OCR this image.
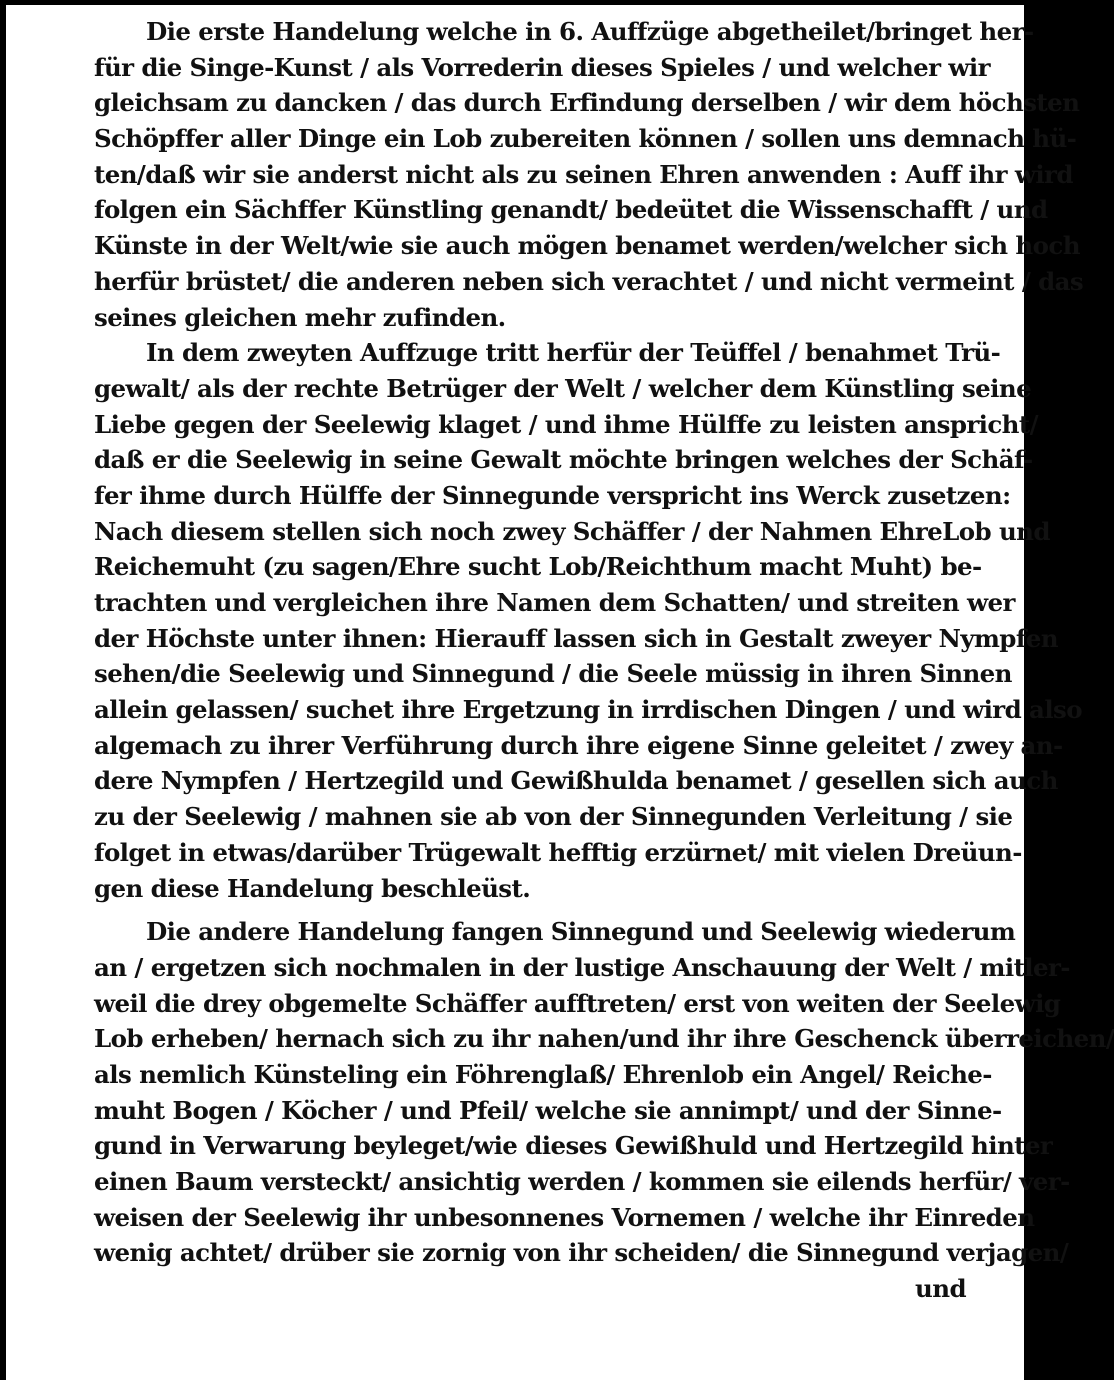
Die erste Handelung welche in 6. Auffzüge abgetheilet/bringet her-
für die Singe-Kunst / als Vorrederin dieses Spieles / und welcher wir
gleichsam zu dancken / das durch Erfindung derselben / wir dem höchsten
Schöpffer aller Dinge ein Lob zubereiten können / sollen uns demnach hü-
ten/daß wir sie anderst nicht als zu seinen Ehren anwenden : Auff ihr wird
folgen ein Sächffer Künstling genandt/ bedeütet die Wissenschafft / und
Künste in der Welt/wie sie auch mögen benamet werden/welcher sich hoch
herfür brüstet/ die anderen neben sich verachtet / und nicht vermeint / das
seines gleichen mehr zufinden.
In dem zweyten Auffzuge tritt herfür der Teüffel / benahmet Trü-
gewalt/ als der rechte Betrüger der Welt / welcher dem Künstling seine
Liebe gegen der Seelewig klaget / und ihme Hülffe zu leisten anspricht/
daß er die Seelewig in seine Gewalt möchte bringen welches der Schäf-
fer ihme durch Hülffe der Sinnegunde verspricht ins Werck zusetzen:
Nach diesem stellen sich noch zwey Schäffer / der Nahmen EhreLob und
Reichemuht (zu sagen/Ehre sucht Lob/Reichthum macht Muht) be-
trachten und vergleichen ihre Namen dem Schatten/ und streiten wer
der Höchste unter ihnen: Hierauff lassen sich in Gestalt zweyer Nympfen
sehen/die Seelewig und Sinnegund / die Seele müssig in ihren Sinnen
allein gelassen/ suchet ihre Ergetzung in irrdischen Dingen / und wird also
algemach zu ihrer Verführung durch ihre eigene Sinne geleitet / zwey an-
dere Nympfen / Hertzegild und Gewißhulda benamet / gesellen sich auch
zu der Seelewig / mahnen sie ab von der Sinnegunden Verleitung / sie
folget in etwas/darüber Trügewalt hefftig erzürnet/ mit vielen Dreüun-
gen diese Handelung beschleüst.
Die andere Handelung fangen Sinnegund und Seelewig wiederum
an / ergetzen sich nochmalen in der lustige Anschauung der Welt / mitler-
weil die drey obgemelte Schäffer aufftreten/ erst von weiten der Seelewig
Lob erheben/ hernach sich zu ihr nahen/und ihr ihre Geschenck überreichen/
als nemlich Künsteling ein Föhrenglaß/ Ehrenlob ein Angel/ Reiche-
muht Bogen / Köcher / und Pfeil/ welche sie annimpt/ und der Sinne-
gund in Verwarung beyleget/wie dieses Gewißhuld und Hertzegild hinter
einen Baum versteckt/ ansichtig werden / kommen sie eilends herfür/ ver-
weisen der Seelewig ihr unbesonnenes Vornemen / welche ihr Einreden
wenig achtet/ drüber sie zornig von ihr scheiden/ die Sinnegund verjagen/
und
